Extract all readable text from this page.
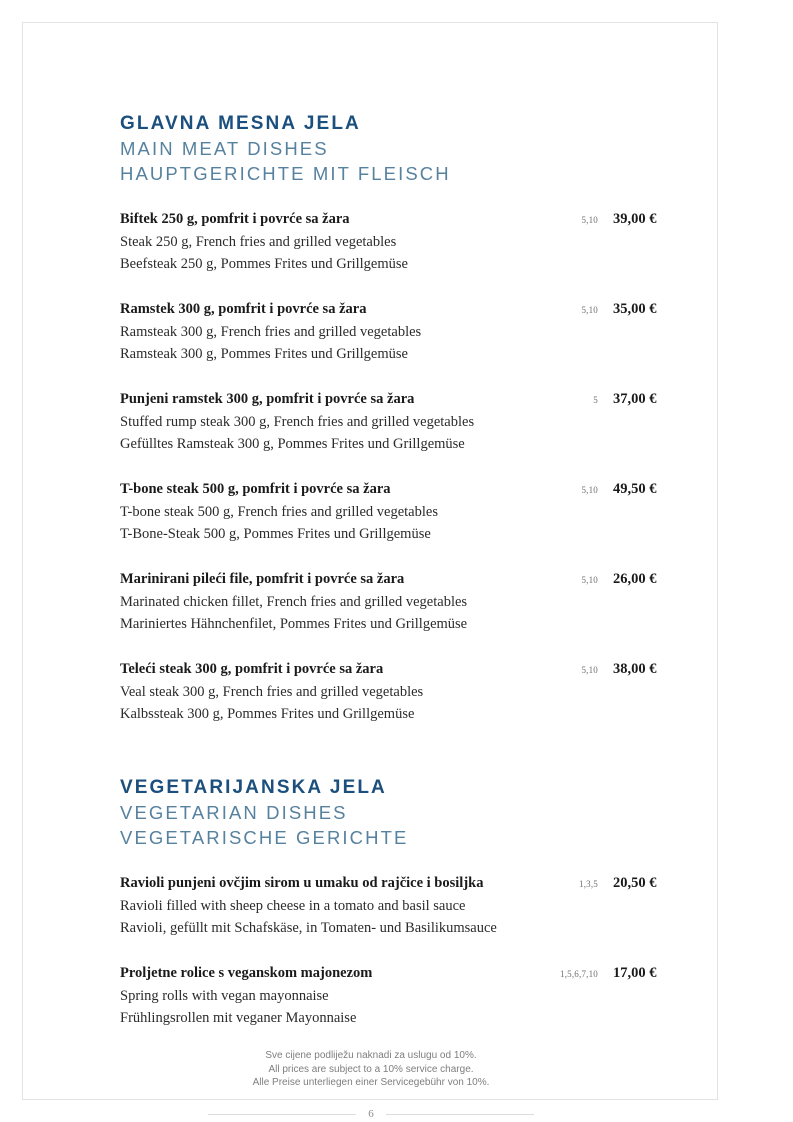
GLAVNA MESNA JELA
MAIN MEAT DISHES
HAUPTGERICHTE MIT FLEISCH
Biftek 250 g, pomfrit i povrće sa žara	5,10	39,00 €
Steak 250 g, French fries and grilled vegetables
Beefsteak 250 g, Pommes Frites und Grillgemüse
Ramstek 300 g, pomfrit i povrće sa žara	5,10	35,00 €
Ramsteak 300 g, French fries and grilled vegetables
Ramsteak 300 g, Pommes Frites und Grillgemüse
Punjeni ramstek 300 g, pomfrit i povrće sa žara	5	37,00 €
Stuffed rump steak 300 g, French fries and grilled vegetables
Gefülltes Ramsteak 300 g, Pommes Frites und Grillgemüse
T-bone steak 500 g, pomfrit i povrće sa žara	5,10	49,50 €
T-bone steak 500 g, French fries and grilled vegetables
T-Bone-Steak 500 g, Pommes Frites und Grillgemüse
Marinirani pileći file, pomfrit i povrće sa žara	5,10	26,00 €
Marinated chicken fillet, French fries and grilled vegetables
Mariniertes Hähnchenfilet, Pommes Frites und Grillgemüse
Teleći steak 300 g, pomfrit i povrće sa žara	5,10	38,00 €
Veal steak 300 g, French fries and grilled vegetables
Kalbssteak 300 g, Pommes Frites und Grillgemüse
VEGETARIJANSKA JELA
VEGETARIAN DISHES
VEGETARISCHE GERICHTE
Ravioli punjeni ovčjim sirom u umaku od rajčice i bosiljka	1,3,5	20,50 €
Ravioli filled with sheep cheese in a tomato and basil sauce
Ravioli, gefüllt mit Schafskäse, in Tomaten- und Basilikumsauce
Proljetne rolice s veganskom majonezom	1,5,6,7,10	17,00 €
Spring rolls with vegan mayonnaise
Frühlingsrollen mit veganer Mayonnaise
Sve cijene podliježu naknadi za uslugu od 10%.
All prices are subject to a 10% service charge.
Alle Preise unterliegen einer Servicegebühr von 10%.
6
